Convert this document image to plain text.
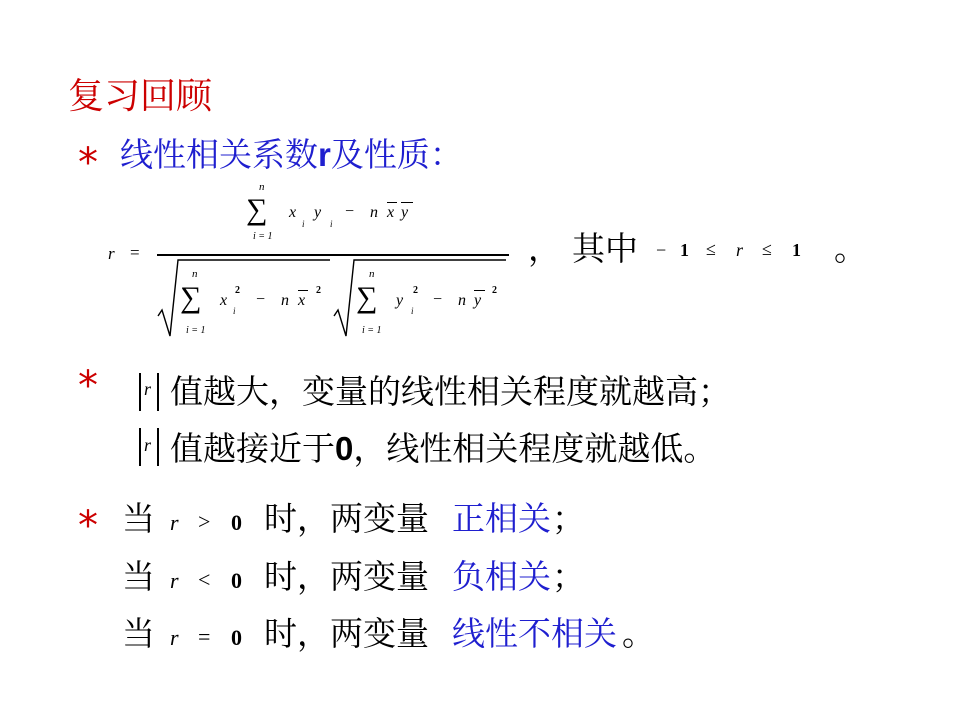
复习回顾
* 线性相关系数r及性质：
r =
n
∑
i = 1
x
i
y
i
− n x y
n
∑
i = 1
x
2
i
− n x
2
n
∑
i = 1
y
2
i
− n y
2
， 其中 − 1 ≤ r ≤ 1 。
*	r 值越大，变量的线性相关程度就越高；
r 值越接近于0，线性相关程度就越低。
* 当 r > 0 时，两变量 正相关 ；
当 r < 0 时，两变量 负相关 ；
当 r = 0 时，两变量 线性不相关 。
